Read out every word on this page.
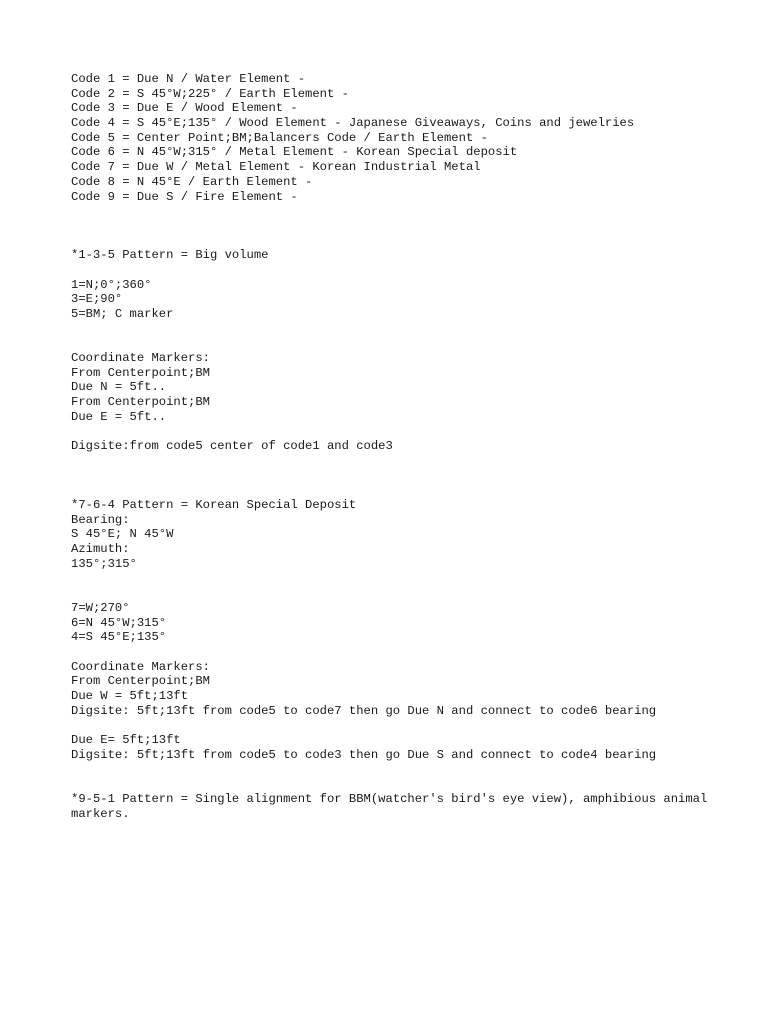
Code 1 = Due N / Water Element -
Code 2 = S 45°W;225° / Earth Element -
Code 3 = Due E / Wood Element -
Code 4 = S 45°E;135° / Wood Element - Japanese Giveaways, Coins and jewelries
Code 5 = Center Point;BM;Balancers Code / Earth Element -
Code 6 = N 45°W;315° / Metal Element - Korean Special deposit
Code 7 = Due W / Metal Element - Korean Industrial Metal
Code 8 = N 45°E / Earth Element -
Code 9 = Due S / Fire Element -
*1-3-5 Pattern = Big volume
1=N;0°;360°
3=E;90°
5=BM; C marker
Coordinate Markers:
From Centerpoint;BM
Due N = 5ft..
From Centerpoint;BM
Due E = 5ft..
Digsite:from code5 center of code1 and code3
*7-6-4 Pattern = Korean Special Deposit
Bearing:
S 45°E; N 45°W
Azimuth:
135°;315°
7=W;270°
6=N 45°W;315°
4=S 45°E;135°
Coordinate Markers:
From Centerpoint;BM
Due W = 5ft;13ft
Digsite: 5ft;13ft from code5 to code7 then go Due N and connect to code6 bearing
Due E= 5ft;13ft
Digsite: 5ft;13ft from code5 to code3 then go Due S and connect to code4 bearing
*9-5-1 Pattern = Single alignment for BBM(watcher's bird's eye view), amphibious animal markers.
